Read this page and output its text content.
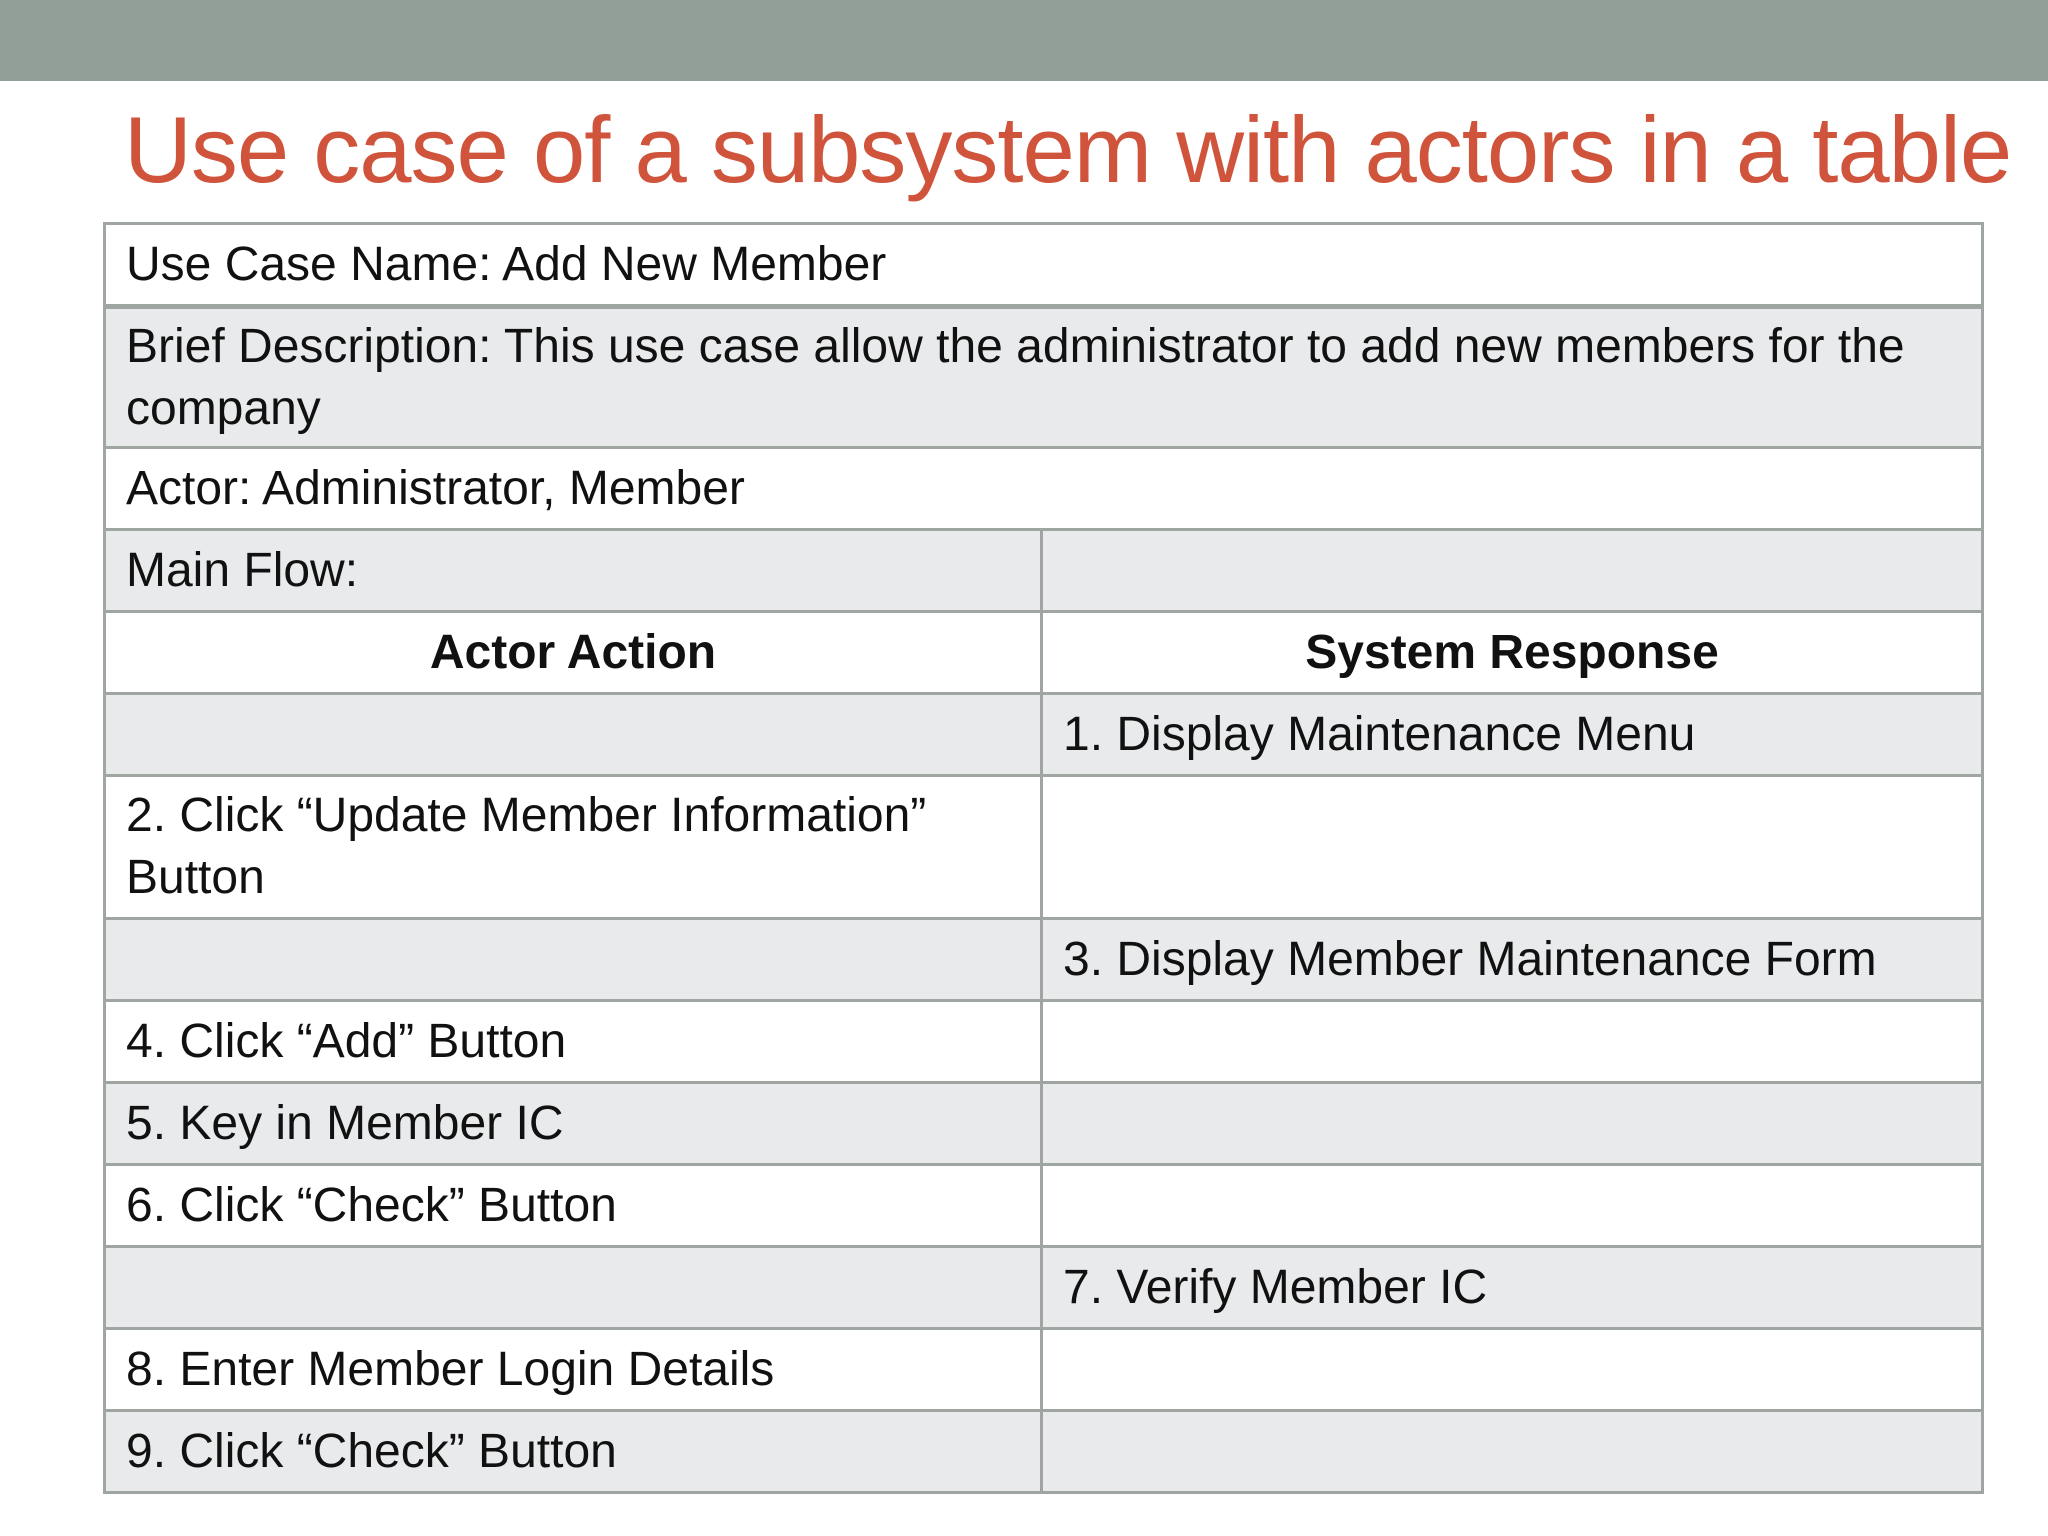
Use case of a subsystem with actors in a table
Use Case Name: Add New Member	
Brief Description: This use case allow the administrator to add new members for the company	
Actor: Administrator, Member	
Main Flow:	
Actor Action	System Response
	1. Display Maintenance Menu
2. Click “Update Member Information” Button	
	3. Display Member Maintenance Form
4. Click “Add” Button	
5. Key in Member IC	
6. Click “Check” Button	
	7. Verify Member IC
8. Enter Member Login Details	
9. Click “Check” Button	
